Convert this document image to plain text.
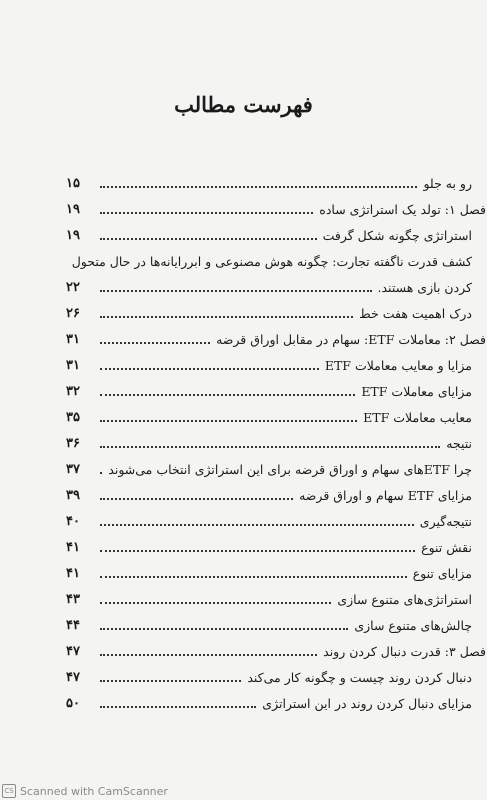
فهرست مطالب
رو به جلو
۱۵
فصل ۱: تولد یک استراتژی ساده
۱۹
استراتژی چگونه شکل گرفت
۱۹
کشف قدرت ناگفته تجارت: چگونه هوش مصنوعی و ابررایانه‌ها در حال متحول
کردن بازی هستند.
۲۲
درک اهمیت هفت خط
۲۶
فصل ۲: معاملات ETF: سهام در مقابل اوراق قرضه
۳۱
مزایا و معایب معاملات ETF
۳۱
مزایای معاملات ETF
۳۲
معایب معاملات ETF
۳۵
نتیجه
۳۶
چرا ETFهای سهام و اوراق قرضه برای این استراتژی انتخاب می‌شوند
۳۷
مزایای ETF سهام و اوراق قرضه
۳۹
نتیجه‌گیری
۴۰
نقش تنوع
۴۱
مزایای تنوع
۴۱
استراتژی‌های متنوع سازی
۴۳
چالش‌های متنوع سازی
۴۴
فصل ۳: قدرت دنبال کردن روند
۴۷
دنبال کردن روند چیست و چگونه کار می‌کند
۴۷
مزایای دنبال کردن روند در این استراتژی
۵۰
CS Scanned with CamScanner
